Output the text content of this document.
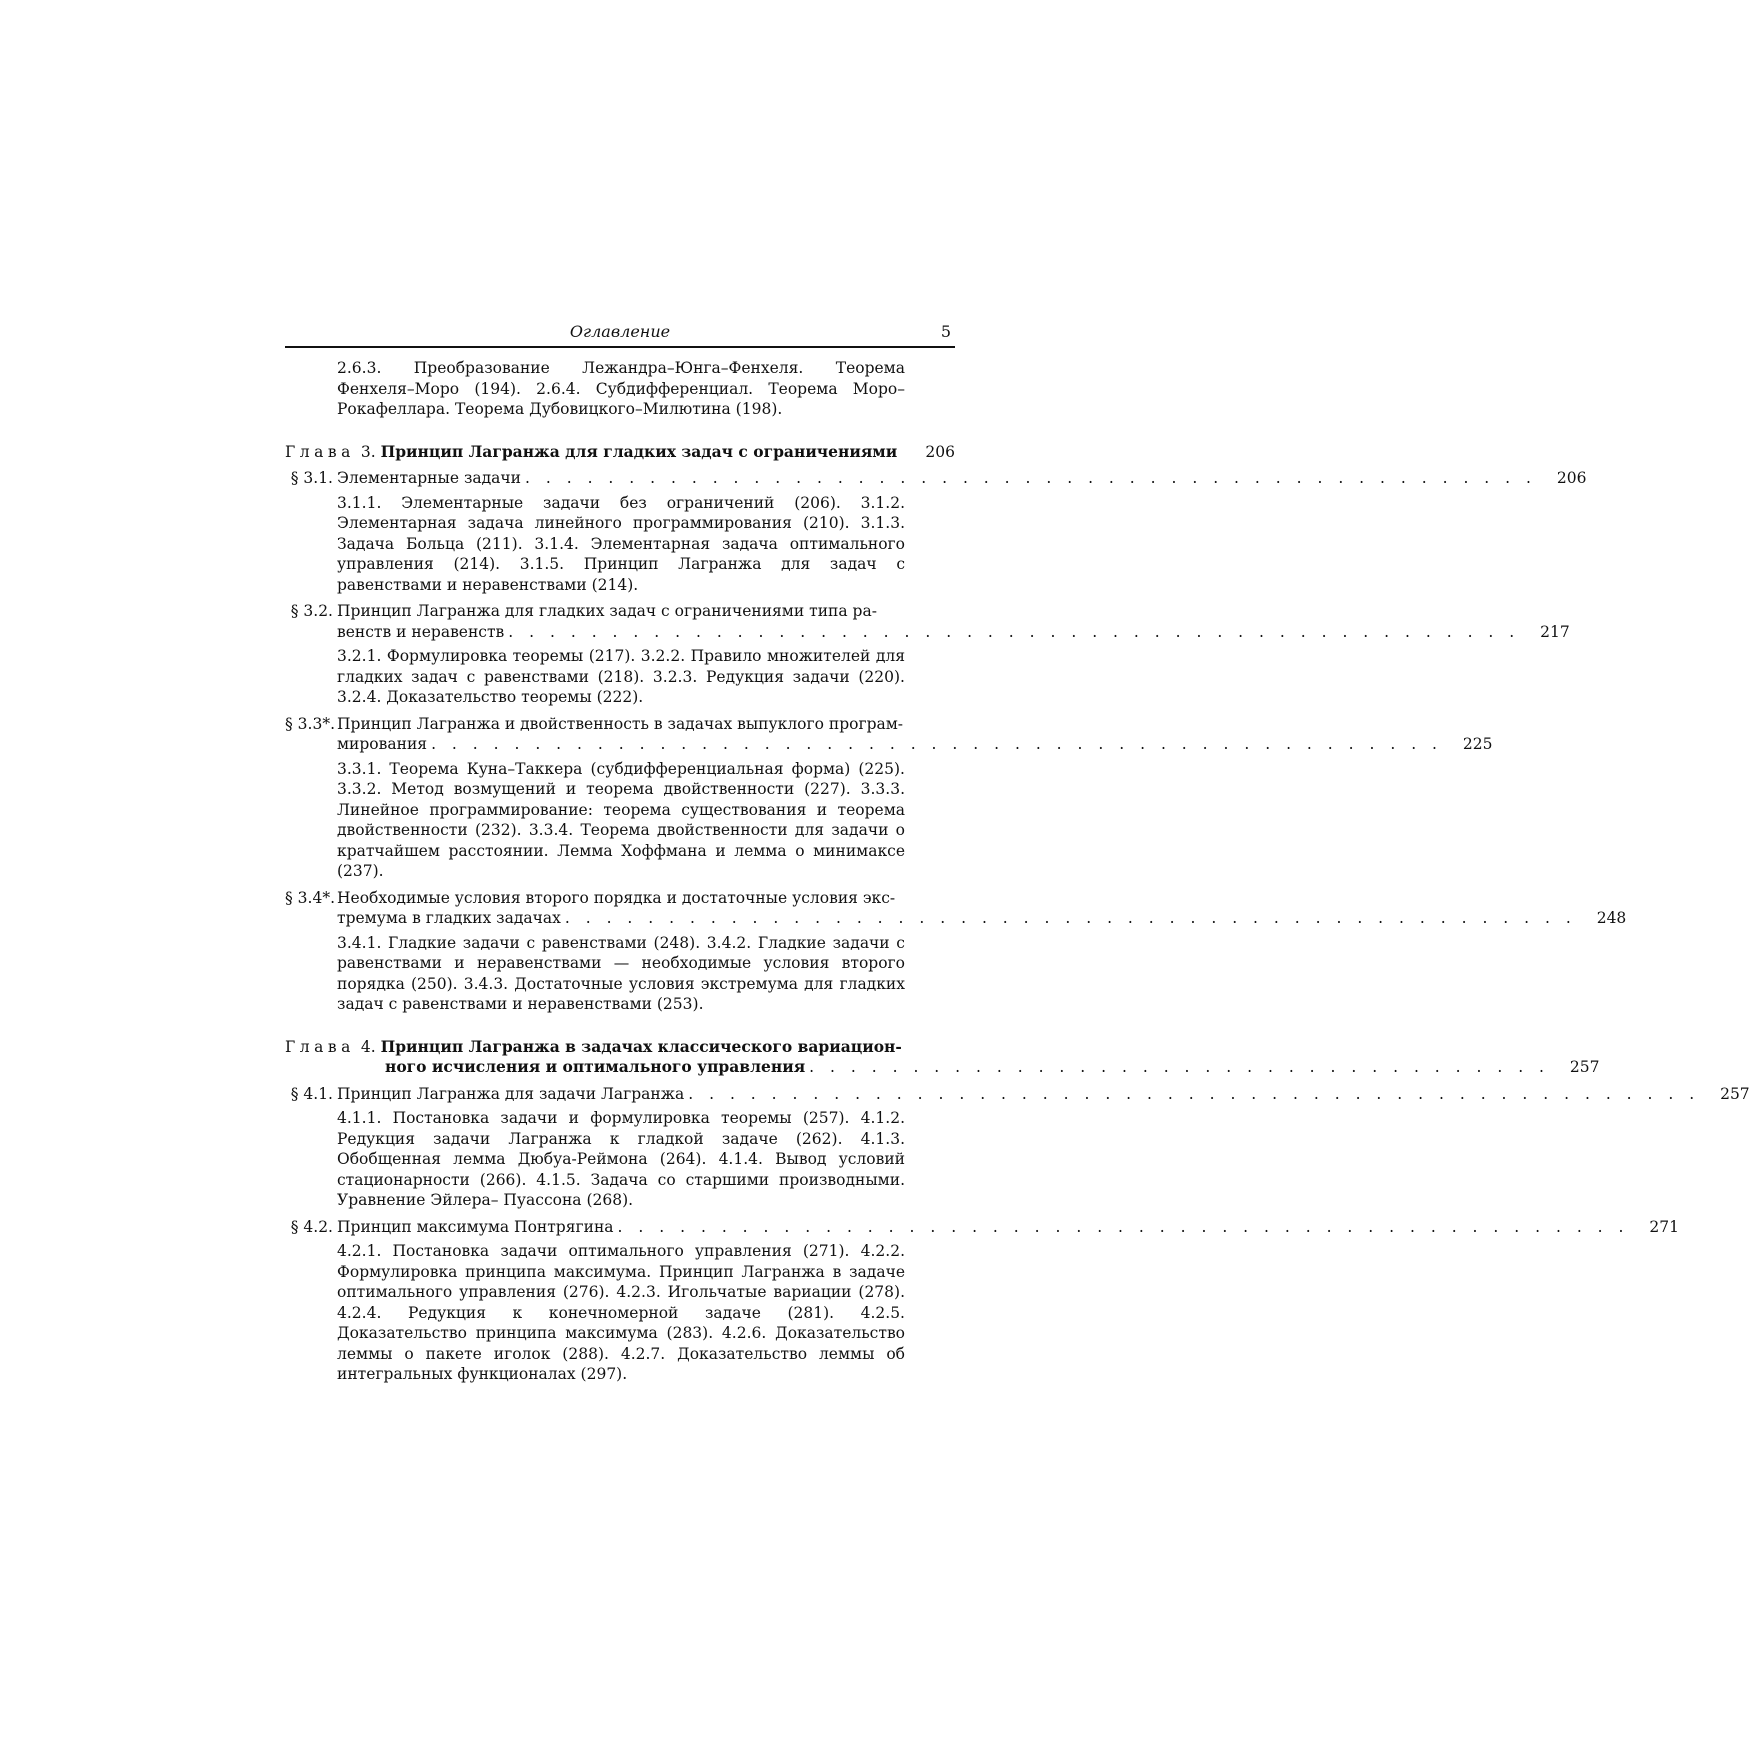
Оглавление	5
2.6.3. Преобразование Лежандра–Юнга–Фенхеля. Теорема Фенхеля–Моро (194). 2.6.4. Субдифференциал. Теорема Моро–Рокафеллара. Теорема Дубовицкого–Милютина (198).
Глава 3. Принцип Лагранжа для гладких задач с ограничениями	206
§ 3.1. Элементарные задачи . . . . . . . . . . . . . . . . . . . . . . . . . . . . . . . . . . . . . . . . . . . . . . . . .	206
3.1.1. Элементарные задачи без ограничений (206). 3.1.2. Элементарная задача линейного программирования (210). 3.1.3. Задача Больца (211). 3.1.4. Элементарная задача оптимального управления (214). 3.1.5. Принцип Лагранжа для задач с равенствами и неравенствами (214).
§ 3.2. Принцип Лагранжа для гладких задач с ограничениями типа ра-
венств и неравенств . . . . . . . . . . . . . . . . . . . . . . . . . . . . . . . . . . . . . . . . . . . . . . . . .	217
3.2.1. Формулировка теоремы (217). 3.2.2. Правило множителей для гладких задач с равенствами (218). 3.2.3. Редукция задачи (220). 3.2.4. Доказательство теоремы (222).
§ 3.3*. Принцип Лагранжа и двойственность в задачах выпуклого програм-
мирования . . . . . . . . . . . . . . . . . . . . . . . . . . . . . . . . . . . . . . . . . . . . . . . . .	225
3.3.1. Теорема Куна–Таккера (субдифференциальная форма) (225). 3.3.2. Метод возмущений и теорема двойственности (227). 3.3.3. Линейное программирование: теорема существования и теорема двойственности (232). 3.3.4. Теорема двойственности для задачи о кратчайшем расстоянии. Лемма Хоффмана и лемма о минимаксе (237).
§ 3.4*. Необходимые условия второго порядка и достаточные условия экс-
тремума в гладких задачах . . . . . . . . . . . . . . . . . . . . . . . . . . . . . . . . . . . . . . . . . . . . . . . . .	248
3.4.1. Гладкие задачи с равенствами (248). 3.4.2. Гладкие задачи с равенствами и неравенствами — необходимые условия второго порядка (250). 3.4.3. Достаточные условия экстремума для гладких задач с равенствами и неравенствами (253).
Глава 4. Принцип Лагранжа в задачах классического вариацион-
ного исчисления и оптимального управления . . . . . . . . . . . . . . . . . . . . . . . . . . . . . . . . . . . .	257
§ 4.1. Принцип Лагранжа для задачи Лагранжа . . . . . . . . . . . . . . . . . . . . . . . . . . . . . . . . . . . . . . . . . . . . . . . . .	257
4.1.1. Постановка задачи и формулировка теоремы (257). 4.1.2. Редукция задачи Лагранжа к гладкой задаче (262). 4.1.3. Обобщенная лемма Дюбуа-Реймона (264). 4.1.4. Вывод условий стационарности (266). 4.1.5. Задача со старшими производными. Уравнение Эйлера– Пуассона (268).
§ 4.2. Принцип максимума Понтрягина . . . . . . . . . . . . . . . . . . . . . . . . . . . . . . . . . . . . . . . . . . . . . . . . .	271
4.2.1. Постановка задачи оптимального управления (271). 4.2.2. Формулировка принципа максимума. Принцип Лагранжа в задаче оптимального управления (276). 4.2.3. Игольчатые вариации (278). 4.2.4. Редукция к конечномерной задаче (281). 4.2.5. Доказательство принципа максимума (283). 4.2.6. Доказательство леммы о пакете иголок (288). 4.2.7. Доказательство леммы об интегральных функционалах (297).
